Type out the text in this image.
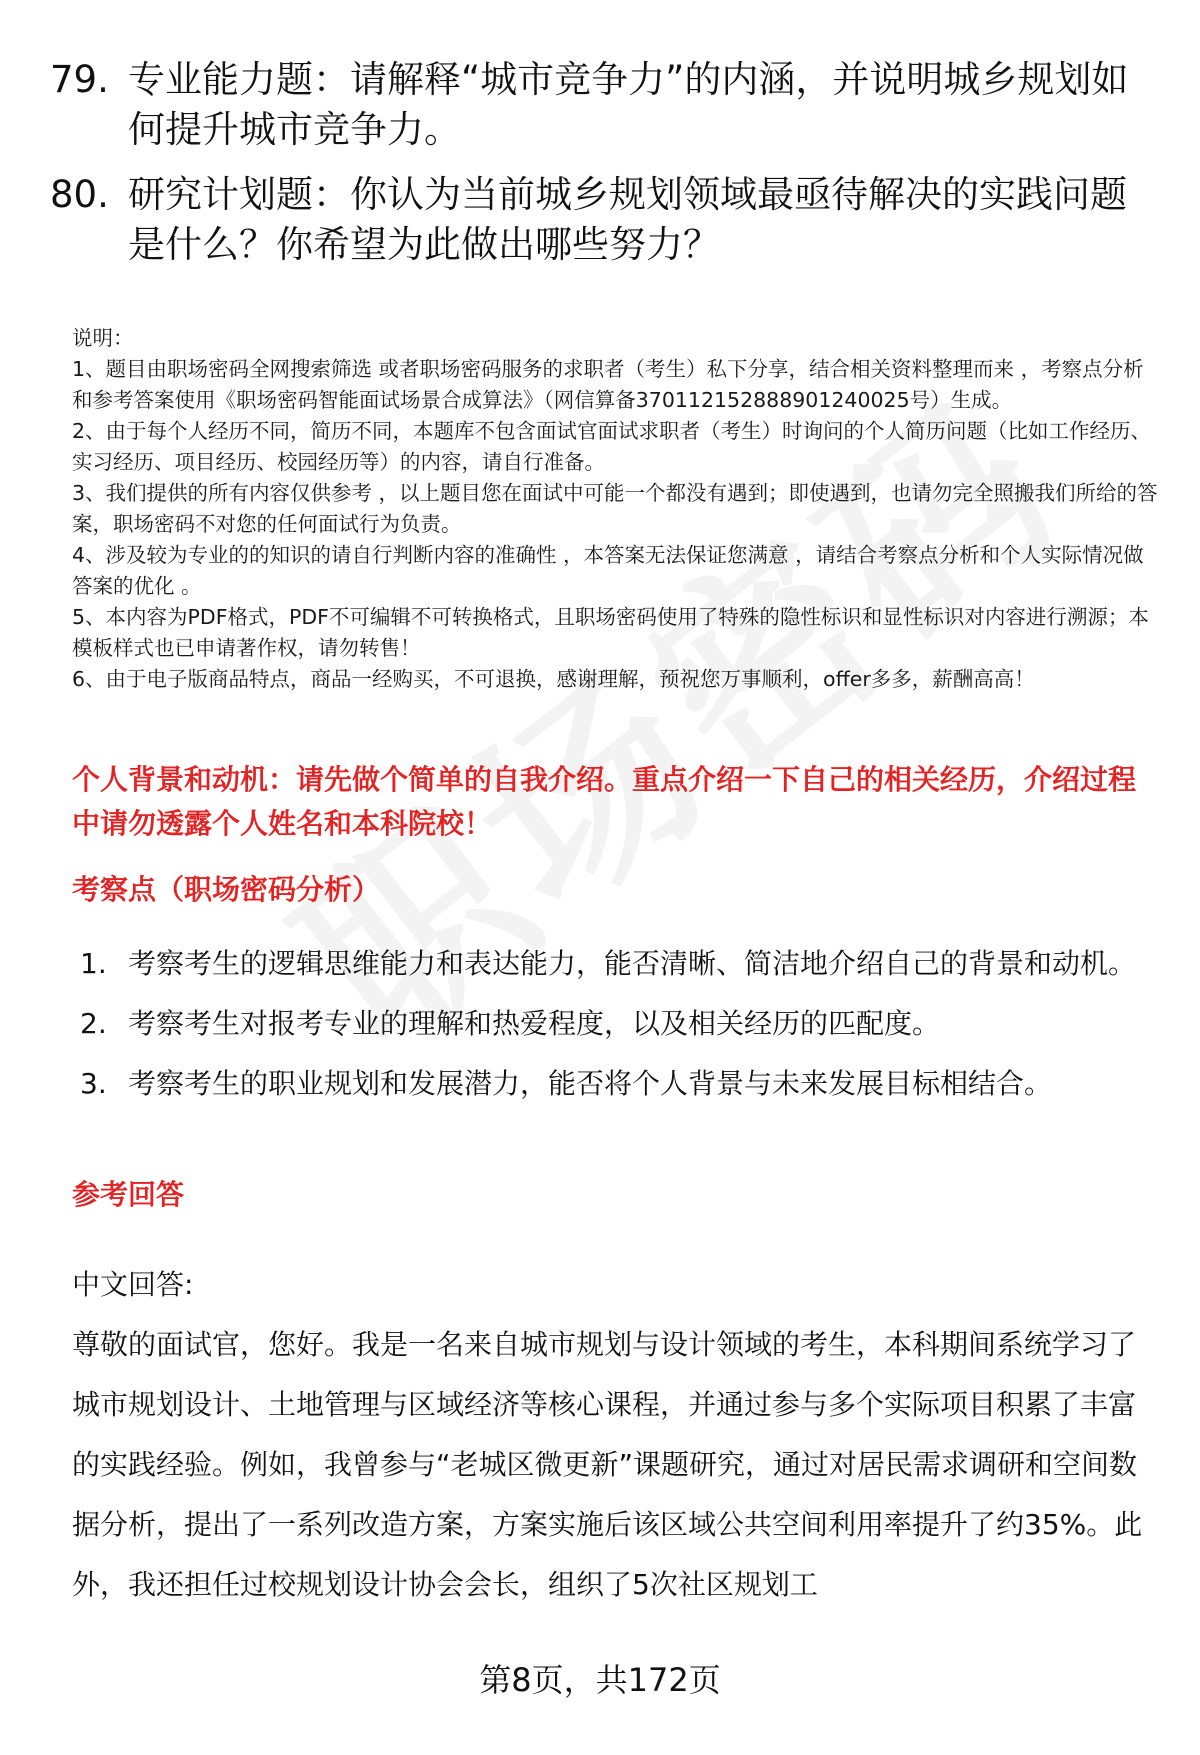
79. 专业能力题：请解释“城市竞争力”的内涵，并说明城乡规划如何提升城市竞争力。
80. 研究计划题：你认为当前城乡规划领域最亟待解决的实践问题是什么？你希望为此做出哪些努力？

说明：

1、题目由职场密码全网搜索筛选 或者职场密码服务的求职者（考生）私下分享，结合相关资料整理而来 ，考察点分析和参考答案使用《职场密码智能面试场景合成算法》（网信算备370112152888901240025号）生成。

2、由于每个人经历不同，简历不同，本题库不包含面试官面试求职者（考生）时询问的个人简历问题（比如工作经历、实习经历、项目经历、校园经历等）的内容，请自行准备。

3、我们提供的所有内容仅供参考 ，以上题目您在面试中可能一个都没有遇到；即使遇到，也请勿完全照搬我们所给的答案，职场密码不对您的任何面试行为负责。

4、涉及较为专业的的知识的请自行判断内容的准确性 ，本答案无法保证您满意 ，请结合考察点分析和个人实际情况做答案的优化 。

5、本内容为PDF格式，PDF不可编辑不可转换格式，且职场密码使用了特殊的隐性标识和显性标识对内容进行溯源；本模板样式也已申请著作权，请勿转售！

6、由于电子版商品特点，商品一经购买，不可退换，感谢理解，预祝您万事顺利，offer多多，薪酬高高！

个人背景和动机：请先做个简单的自我介绍。重点介绍一下自己的相关经历，介绍过程中请勿透露个人姓名和本科院校！
考察点（职场密码分析）
1. 考察考生的逻辑思维能力和表达能力，能否清晰、简洁地介绍自己的背景和动机。
2. 考察考生对报考专业的理解和热爱程度，以及相关经历的匹配度。
3. 考察考生的职业规划和发展潜力，能否将个人背景与未来发展目标相结合。
参考回答

中文回答:

尊敬的面试官，您好。我是一名来自城市规划与设计领域的考生，本科期间系统学习了城市规划设计、土地管理与区域经济等核心课程，并通过参与多个实际项目积累了丰富的实践经验。例如，我曾参与“老城区微更新”课题研究，通过对居民需求调研和空间数据分析，提出了一系列改造方案，方案实施后该区域公共空间利用率提升了约35%。此外，我还担任过校规划设计协会会长，组织了5次社区规划工

第8页，共172页
